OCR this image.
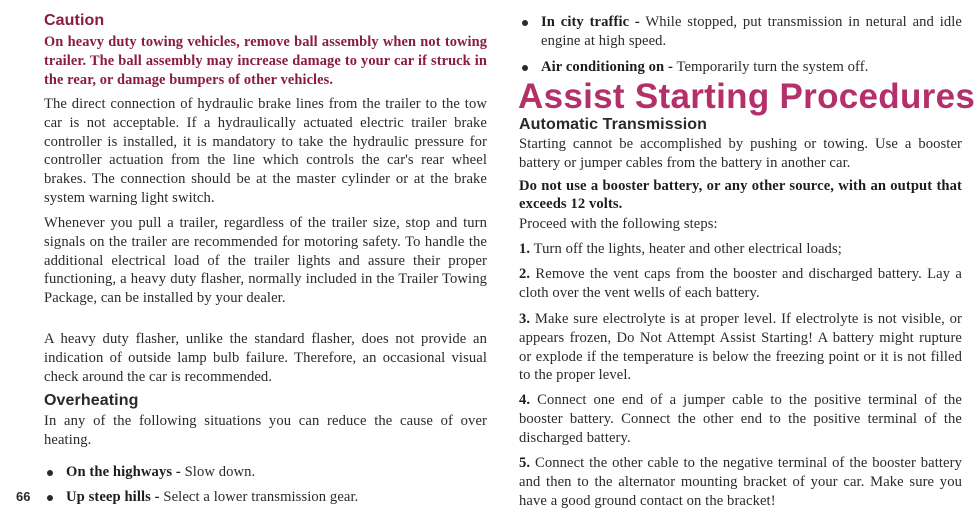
Caution
On heavy duty towing vehicles, remove ball assembly when not towing trailer. The ball assembly may increase damage to your car if struck in the rear, or damage bumpers of other vehicles.
The direct connection of hydraulic brake lines from the trailer to the tow car is not acceptable. If a hydraulically actuated electric trailer brake controller is installed, it is mandatory to take the hydraulic pressure for controller actuation from the line which controls the car's rear wheel brakes. The connection should be at the master cylinder or at the brake system warning light switch.
Whenever you pull a trailer, regardless of the trailer size, stop and turn signals on the trailer are recommended for motoring safety. To handle the additional electrical load of the trailer lights and assure their proper functioning, a heavy duty flasher, normally included in the Trailer Towing Package, can be installed by your dealer.
A heavy duty flasher, unlike the standard flasher, does not provide an indication of outside lamp bulb failure. Therefore, an occasional visual check around the car is recommended.
Overheating
In any of the following situations you can reduce the cause of over heating.
On the highways - Slow down.
Up steep hills - Select a lower transmission gear.
66
In city traffic - While stopped, put transmission in netural and idle engine at high speed.
Air conditioning on - Temporarily turn the system off.
Assist Starting Procedures
Automatic Transmission
Starting cannot be accomplished by pushing or towing. Use a booster battery or jumper cables from the battery in another car.
Do not use a booster battery, or any other source, with an output that exceeds 12 volts.
Proceed with the following steps:
1. Turn off the lights, heater and other electrical loads;
2. Remove the vent caps from the booster and discharged battery. Lay a cloth over the vent wells of each battery.
3. Make sure electrolyte is at proper level. If electrolyte is not visible, or appears frozen, Do Not Attempt Assist Starting! A battery might rupture or explode if the temperature is below the freezing point or it is not filled to the proper level.
4. Connect one end of a jumper cable to the positive terminal of the booster battery. Connect the other end to the positive terminal of the discharged battery.
5. Connect the other cable to the negative terminal of the booster battery and then to the alternator mounting bracket of your car. Make sure you have a good ground contact on the bracket!
